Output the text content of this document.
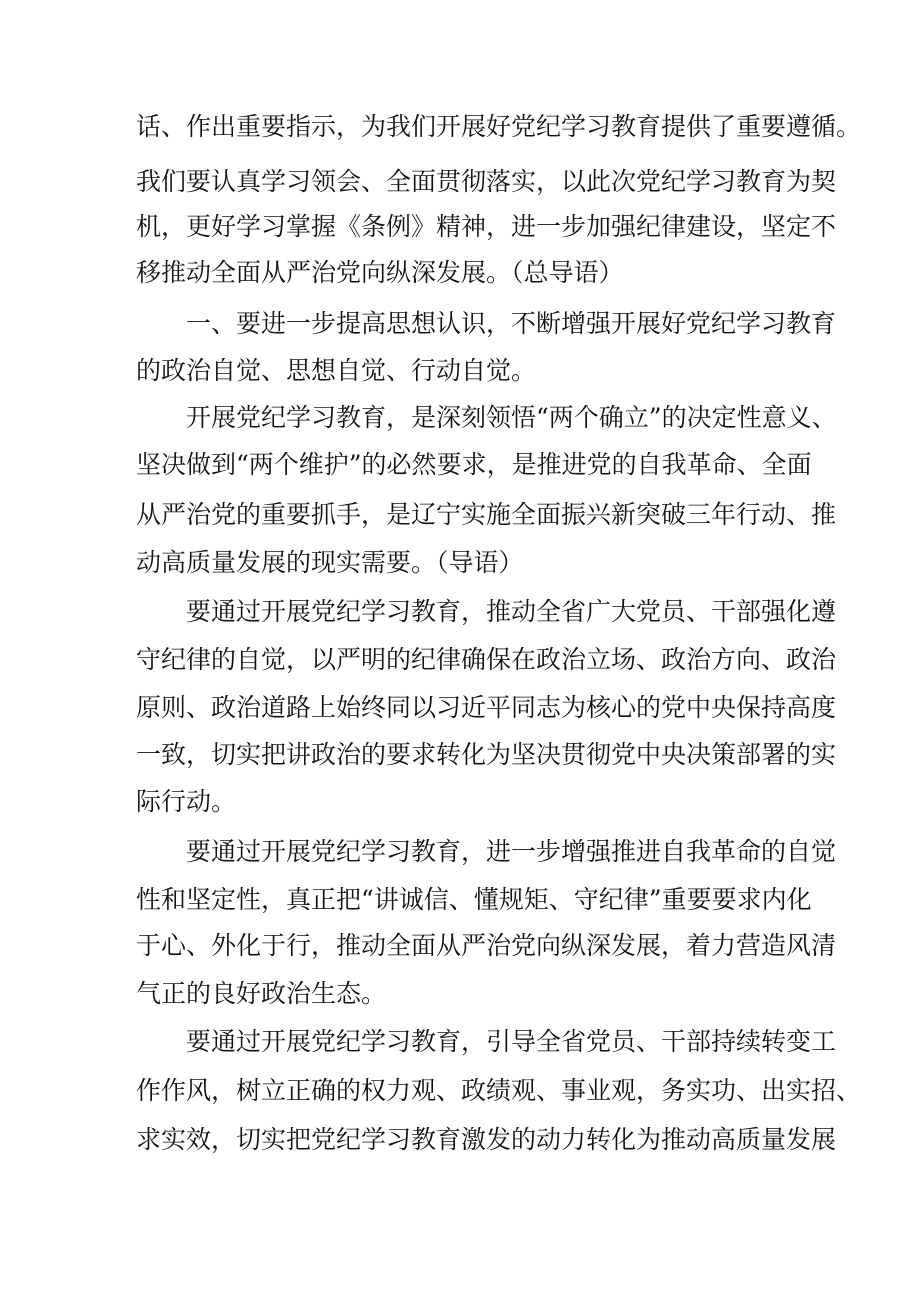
话、作出重要指示，为我们开展好党纪学习教育提供了重要遵循。
我们要认真学习领会、全面贯彻落实，以此次党纪学习教育为契
机，更好学习掌握《条例》精神，进一步加强纪律建设，坚定不
移推动全面从严治党向纵深发展。（总导语）
一、要进一步提高思想认识，不断增强开展好党纪学习教育
的政治自觉、思想自觉、行动自觉。
开展党纪学习教育，是深刻领悟“两个确立”的决定性意义、
坚决做到“两个维护”的必然要求，是推进党的自我革命、全面
从严治党的重要抓手，是辽宁实施全面振兴新突破三年行动、推
动高质量发展的现实需要。（导语）
要通过开展党纪学习教育，推动全省广大党员、干部强化遵
守纪律的自觉，以严明的纪律确保在政治立场、政治方向、政治
原则、政治道路上始终同以习近平同志为核心的党中央保持高度
一致，切实把讲政治的要求转化为坚决贯彻党中央决策部署的实
际行动。
要通过开展党纪学习教育，进一步增强推进自我革命的自觉
性和坚定性，真正把“讲诚信、懂规矩、守纪律”重要要求内化
于心、外化于行，推动全面从严治党向纵深发展，着力营造风清
气正的良好政治生态。
要通过开展党纪学习教育，引导全省党员、干部持续转变工
作作风，树立正确的权力观、政绩观、事业观，务实功、出实招、
求实效，切实把党纪学习教育激发的动力转化为推动高质量发展
